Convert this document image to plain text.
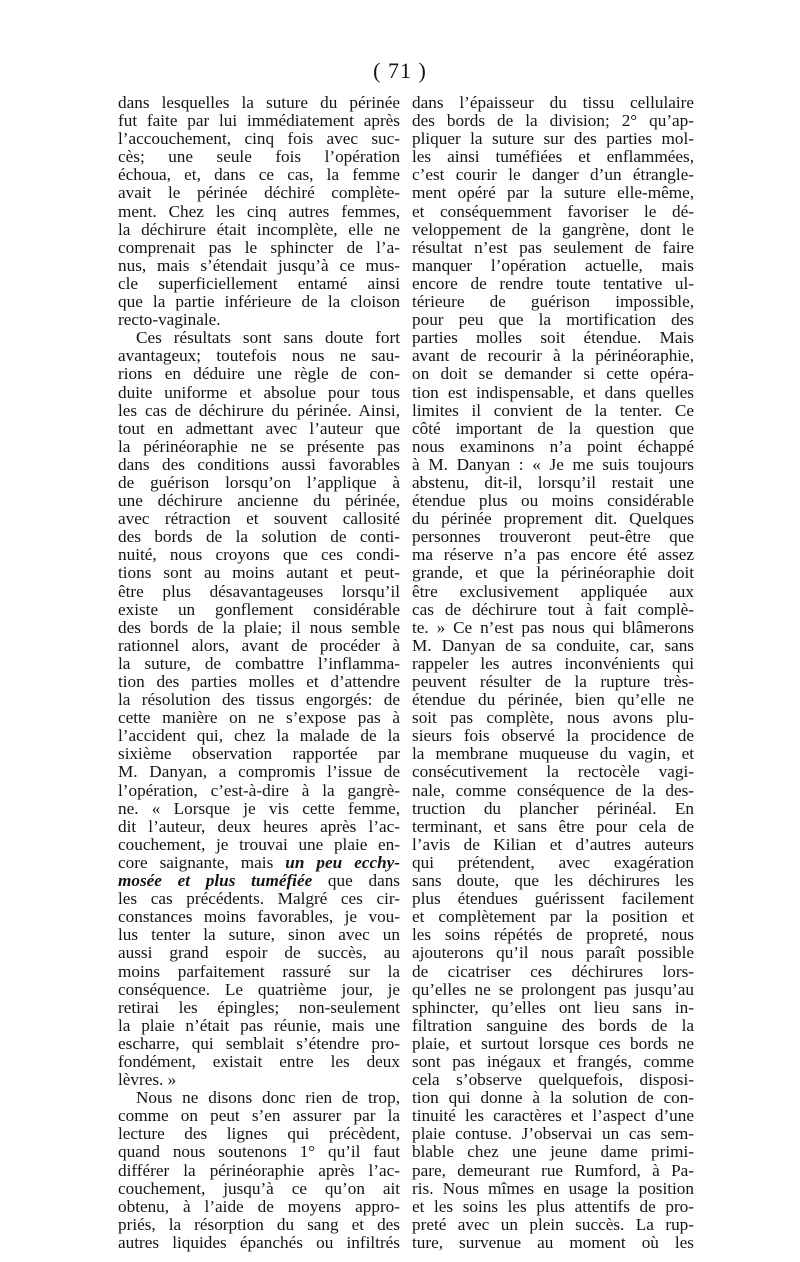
( 71 )
dans lesquelles la suture du périnée
fut faite par lui immédiatement après
l’accouchement, cinq fois avec suc-
cès; une seule fois l’opération
échoua, et, dans ce cas, la femme
avait le périnée déchiré complète-
ment. Chez les cinq autres femmes,
la déchirure était incomplète, elle ne
comprenait pas le sphincter de l’a-
nus, mais s’étendait jusqu’à ce mus-
cle superficiellement entamé ainsi
que la partie inférieure de la cloison
recto-vaginale.
Ces résultats sont sans doute fort
avantageux; toutefois nous ne sau-
rions en déduire une règle de con-
duite uniforme et absolue pour tous
les cas de déchirure du périnée. Ainsi,
tout en admettant avec l’auteur que
la périnéoraphie ne se présente pas
dans des conditions aussi favorables
de guérison lorsqu’on l’applique à
une déchirure ancienne du périnée,
avec rétraction et souvent callosité
des bords de la solution de conti-
nuité, nous croyons que ces condi-
tions sont au moins autant et peut-
être plus désavantageuses lorsqu’il
existe un gonflement considérable
des bords de la plaie; il nous semble
rationnel alors, avant de procéder à
la suture, de combattre l’inflamma-
tion des parties molles et d’attendre
la résolution des tissus engorgés: de
cette manière on ne s’expose pas à
l’accident qui, chez la malade de la
sixième observation rapportée par
M. Danyan, a compromis l’issue de
l’opération, c’est-à-dire à la gangrè-
ne. « Lorsque je vis cette femme,
dit l’auteur, deux heures après l’ac-
couchement, je trouvai une plaie en-
core saignante, mais un peu ecchy-
mosée et plus tuméfiée que dans
les cas précédents. Malgré ces cir-
constances moins favorables, je vou-
lus tenter la suture, sinon avec un
aussi grand espoir de succès, au
moins parfaitement rassuré sur la
conséquence. Le quatrième jour, je
retirai les épingles; non-seulement
la plaie n’était pas réunie, mais une
escharre, qui semblait s’étendre pro-
fondément, existait entre les deux
lèvres. »
Nous ne disons donc rien de trop,
comme on peut s’en assurer par la
lecture des lignes qui précèdent,
quand nous soutenons 1° qu’il faut
différer la périnéoraphie après l’ac-
couchement, jusqu’à ce qu’on ait
obtenu, à l’aide de moyens appro-
priés, la résorption du sang et des
autres liquides épanchés ou infiltrés
dans l’épaisseur du tissu cellulaire
des bords de la division; 2° qu’ap-
pliquer la suture sur des parties mol-
les ainsi tuméfiées et enflammées,
c’est courir le danger d’un étrangle-
ment opéré par la suture elle-même,
et conséquemment favoriser le dé-
veloppement de la gangrène, dont le
résultat n’est pas seulement de faire
manquer l’opération actuelle, mais
encore de rendre toute tentative ul-
térieure de guérison impossible,
pour peu que la mortification des
parties molles soit étendue. Mais
avant de recourir à la périnéoraphie,
on doit se demander si cette opéra-
tion est indispensable, et dans quelles
limites il convient de la tenter. Ce
côté important de la question que
nous examinons n’a point échappé
à M. Danyan : « Je me suis toujours
abstenu, dit-il, lorsqu’il restait une
étendue plus ou moins considérable
du périnée proprement dit. Quelques
personnes trouveront peut-être que
ma réserve n’a pas encore été assez
grande, et que la périnéoraphie doit
être exclusivement appliquée aux
cas de déchirure tout à fait complè-
te. » Ce n’est pas nous qui blâmerons
M. Danyan de sa conduite, car, sans
rappeler les autres inconvénients qui
peuvent résulter de la rupture très-
étendue du périnée, bien qu’elle ne
soit pas complète, nous avons plu-
sieurs fois observé la procidence de
la membrane muqueuse du vagin, et
consécutivement la rectocèle vagi-
nale, comme conséquence de la des-
truction du plancher périnéal. En
terminant, et sans être pour cela de
l’avis de Kilian et d’autres auteurs
qui prétendent, avec exagération
sans doute, que les déchirures les
plus étendues guérissent facilement
et complètement par la position et
les soins répétés de propreté, nous
ajouterons qu’il nous paraît possible
de cicatriser ces déchirures lors-
qu’elles ne se prolongent pas jusqu’au
sphincter, qu’elles ont lieu sans in-
filtration sanguine des bords de la
plaie, et surtout lorsque ces bords ne
sont pas inégaux et frangés, comme
cela s’observe quelquefois, disposi-
tion qui donne à la solution de con-
tinuité les caractères et l’aspect d’une
plaie contuse. J’observai un cas sem-
blable chez une jeune dame primi-
pare, demeurant rue Rumford, à Pa-
ris. Nous mîmes en usage la position
et les soins les plus attentifs de pro-
preté avec un plein succès. La rup-
ture, survenue au moment où les
